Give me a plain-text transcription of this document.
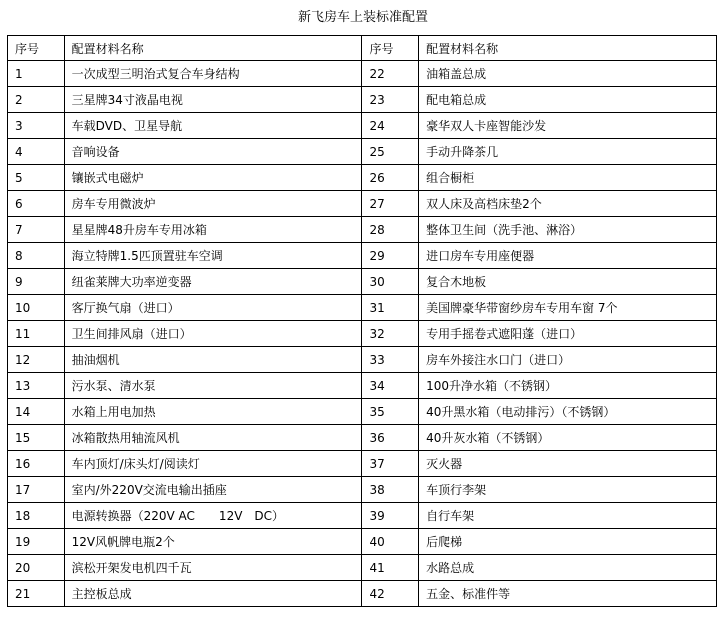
新飞房车上装标准配置
序号	配置材料名称	序号	配置材料名称
1	一次成型三明治式复合车身结构	22	油箱盖总成
2	三星牌34寸液晶电视	23	配电箱总成
3	车载DVD、卫星导航	24	豪华双人卡座智能沙发
4	音响设备	25	手动升降茶几
5	镶嵌式电磁炉	26	组合橱柜
6	房车专用微波炉	27	双人床及高档床垫2个
7	星星牌48升房车专用冰箱	28	整体卫生间（洗手池、淋浴）
8	海立特牌1.5匹顶置驻车空调	29	进口房车专用座便器
9	纽雀莱牌大功率逆变器	30	复合木地板
10	客厅换气扇（进口）	31	美国牌豪华带窗纱房车专用车窗 7个
11	卫生间排风扇（进口）	32	专用手摇卷式遮阳蓬（进口）
12	抽油烟机	33	房车外接注水口门（进口）
13	污水泵、清水泵	34	100升净水箱（不锈钢）
14	水箱上用电加热	35	40升黑水箱（电动排污）（不锈钢）
15	冰箱散热用轴流风机	36	40升灰水箱（不锈钢）
16	车内顶灯/床头灯/阅读灯	37	灭火器
17	室内/外220V交流电输出插座	38	车顶行李架
18	电源转换器（220V AC　　12V　DC）	39	自行车架
19	12V风帆牌电瓶2个	40	后爬梯
20	滨松开架发电机四千瓦	41	水路总成
21	主控板总成	42	五金、标准件等
